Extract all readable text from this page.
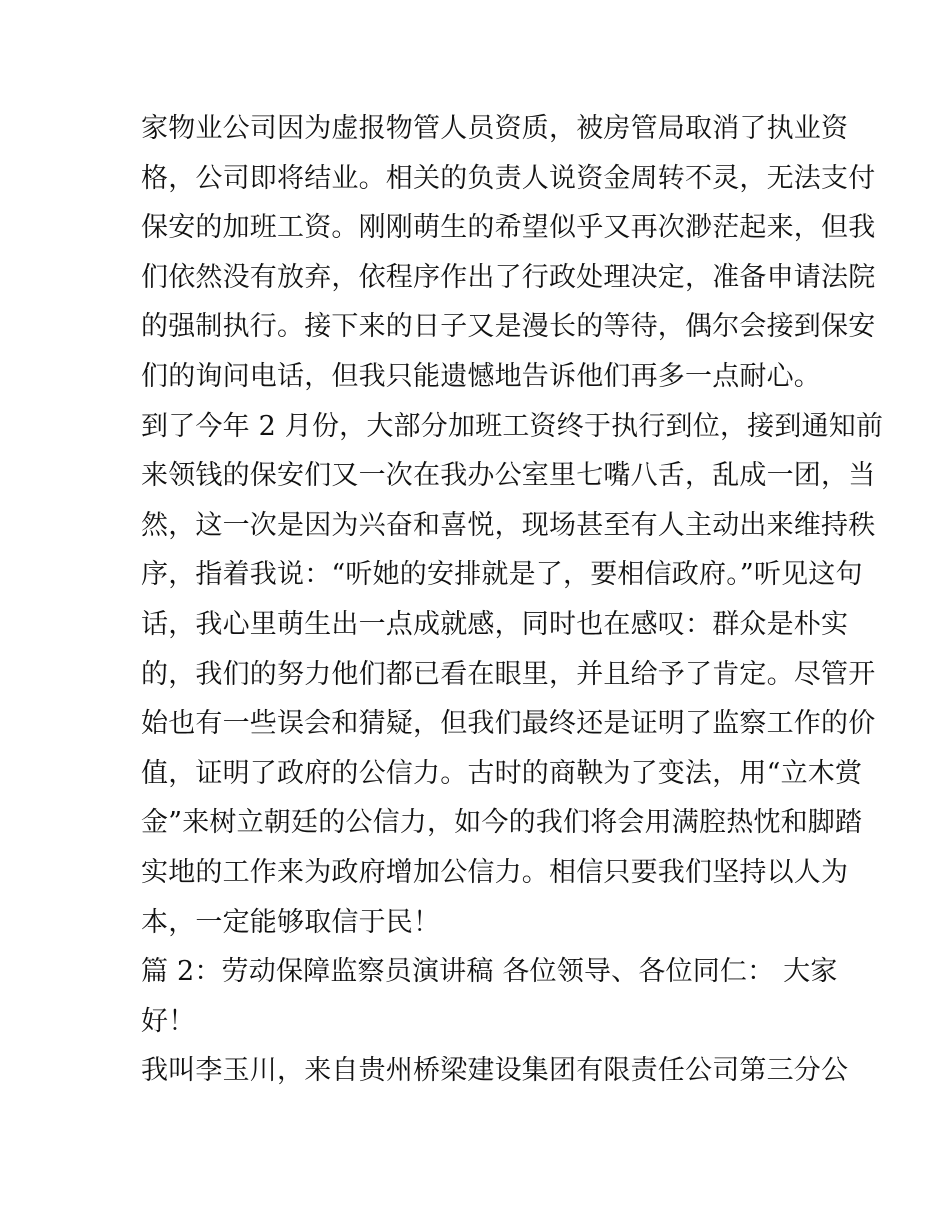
家物业公司因为虚报物管人员资质，被房管局取消了执业资
格，公司即将结业。相关的负责人说资金周转不灵，无法支付
保安的加班工资。刚刚萌生的希望似乎又再次渺茫起来，但我
们依然没有放弃，依程序作出了行政处理决定，准备申请法院
的强制执行。接下来的日子又是漫长的等待，偶尔会接到保安
们的询问电话，但我只能遗憾地告诉他们再多一点耐心。
到了今年 2 月份，大部分加班工资终于执行到位，接到通知前
来领钱的保安们又一次在我办公室里七嘴八舌，乱成一团，当
然，这一次是因为兴奋和喜悦，现场甚至有人主动出来维持秩
序，指着我说：“听她的安排就是了，要相信政府。”听见这句
话，我心里萌生出一点成就感，同时也在感叹：群众是朴实
的，我们的努力他们都已看在眼里，并且给予了肯定。尽管开
始也有一些误会和猜疑，但我们最终还是证明了监察工作的价
值，证明了政府的公信力。古时的商鞅为了变法，用“立木赏
金”来树立朝廷的公信力，如今的我们将会用满腔热忱和脚踏
实地的工作来为政府增加公信力。相信只要我们坚持以人为
本，一定能够取信于民！
篇 2：劳动保障监察员演讲稿 各位领导、各位同仁： 大家
好！
我叫李玉川，来自贵州桥梁建设集团有限责任公司第三分公
